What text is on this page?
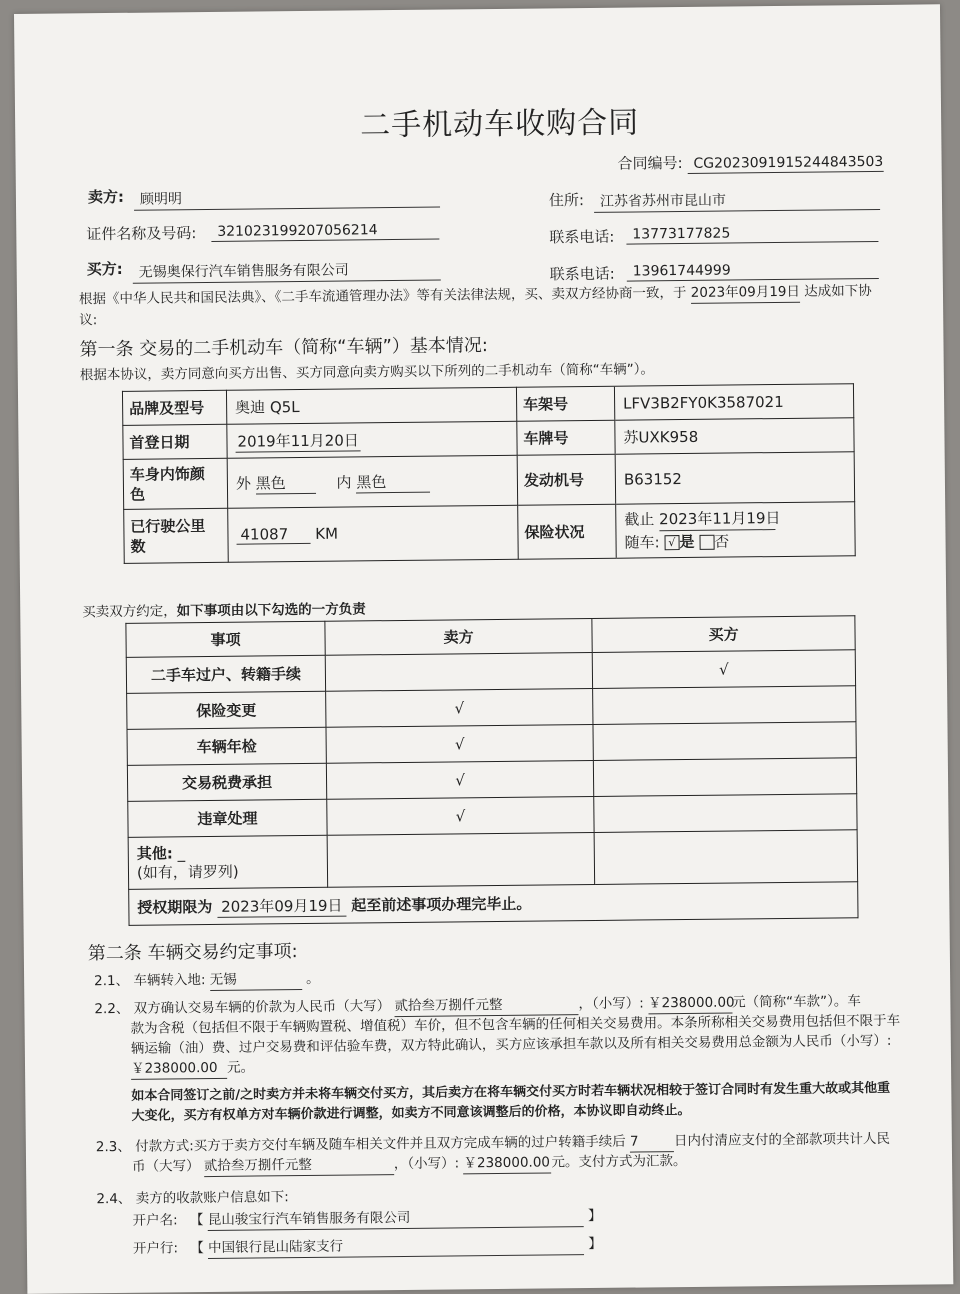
二手机动车收购合同
合同编号: CG2023091915244843503
卖方:	顾明明	住所:	江苏省苏州市昆山市
证件名称及号码:	321023199207056214	联系电话:	13773177825
买方:	无锡奥保行汽车销售服务有限公司	联系电话:	13961744999
根据《中华人民共和国民法典》、《二手车流通管理办法》等有关法律法规，买、卖双方经协商一致，于 2023年09月19日 达成如下协
议:
第一条 交易的二手机动车（简称“车辆”）基本情况:
根据本协议，卖方同意向买方出售、买方同意向卖方购买以下所列的二手机动车（简称“车辆”）。
品牌及型号	奥迪 Q5L	车架号	LFV3B2FY0K3587021
首登日期	2019年11月20日	车牌号	苏UXK958
车身内饰颜
色	外 黑色 内 黑色	发动机号	B63152
已行驶公里
数	41087 KM	保险状况	截止 2023年11月19日
随车: √ 是 否
买卖双方约定，如下事项由以下勾选的一方负责
事项	卖方	买方
二手车过户、转籍手续		√
保险变更	√	
车辆年检	√	
交易税费承担	√	
违章处理	√	
其他: _
(如有，请罗列)		
授权期限为 2023年09月19日 起至前述事项办理完毕止。		
第二条 车辆交易约定事项:
2.1、 车辆转入地: 无锡	。
2.2、 双方确认交易车辆的价款为人民币（大写） 贰拾叁万捌仟元整	，（小写）: ￥238000.00元（简称“车款”）。车
款为含税（包括但不限于车辆购置税、增值税）车价，但不包含车辆的任何相关交易费用。本条所称相关交易费用包括但不限于车
辆运输（油）费、过户交易费和评估验车费，双方特此确认，买方应该承担车款以及所有相关交易费用总金额为人民币（小写）:
￥238000.00 元。
如本合同签订之前/之时卖方并未将车辆交付买方，其后卖方在将车辆交付买方时若车辆状况相较于签订合同时有发生重大故或其他重
大变化，买方有权单方对车辆价款进行调整，如卖方不同意该调整后的价格，本协议即自动终止。
2.3、 付款方式:买方于卖方交付车辆及随车相关文件并且双方完成车辆的过户转籍手续后 7	日内付清应支付的全部款项共计人民
币（大写） 贰拾叁万捌仟元整	，（小写）: ￥238000.00元。支付方式为汇款。
2.4、 卖方的收款账户信息如下:
开户名: 【 昆山骏宝行汽车销售服务有限公司	】
开户行: 【 中国银行昆山陆家支行	】
